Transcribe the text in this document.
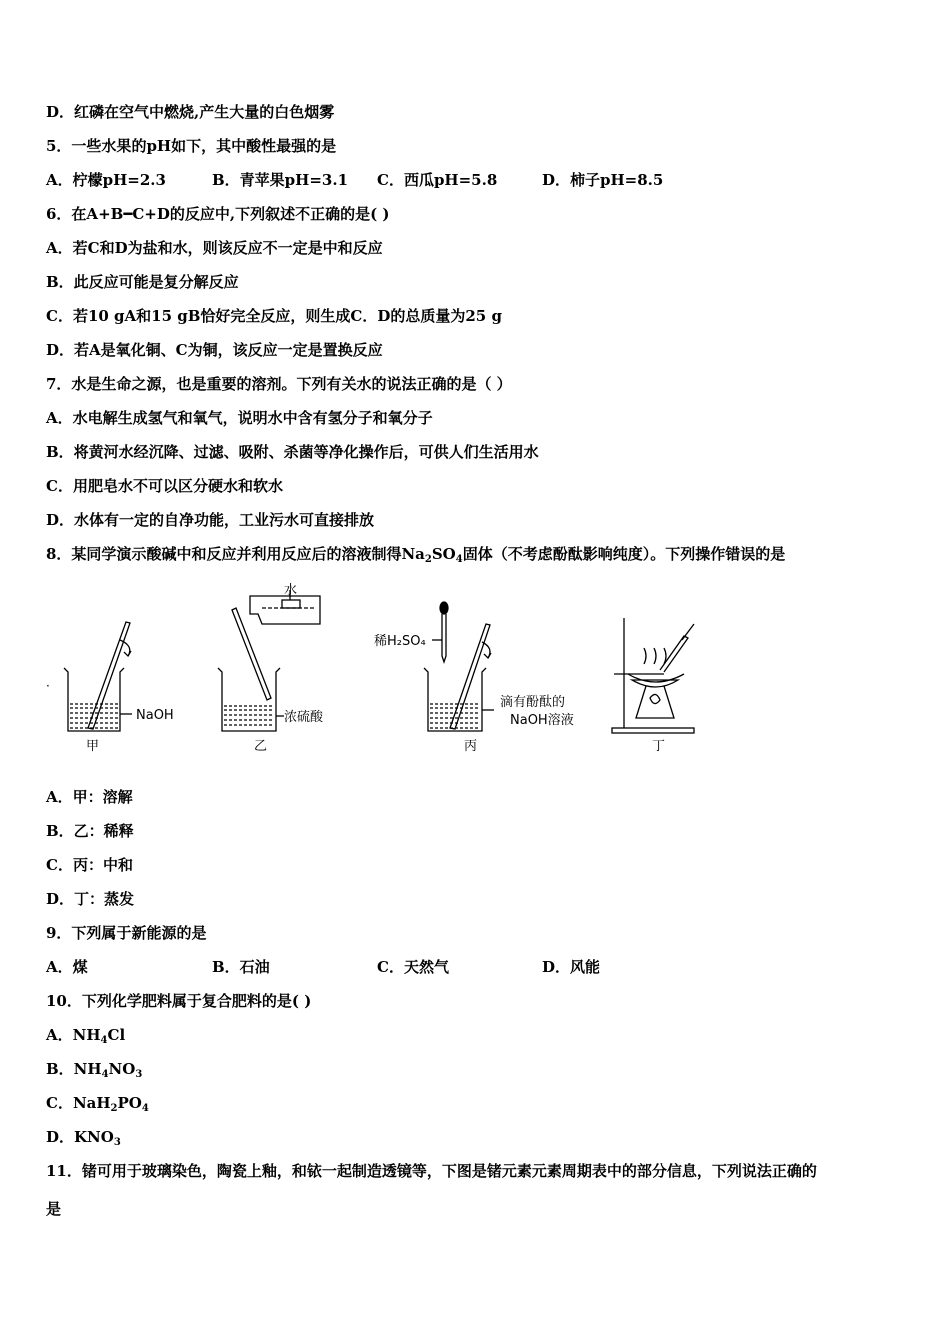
D．红磷在空气中燃烧,产生大量的白色烟雾
5．一些水果的pH如下，其中酸性最强的是
A．柠檬pH=2.3	B．青苹果pH=3.1 C．西瓜pH=5.8	D．柿子pH=8.5
6．在A+B━C+D的反应中,下列叙述不正确的是( )
A．若C和D为盐和水，则该反应不一定是中和反应
B．此反应可能是复分解反应
C．若10 gA和15 gB恰好完全反应，则生成C．D的总质量为25 g
D．若A是氧化铜、C为铜，该反应一定是置换反应
7．水是生命之源，也是重要的溶剂。下列有关水的说法正确的是（ ）
A．水电解生成氢气和氧气，说明水中含有氢分子和氧分子
B．将黄河水经沉降、过滤、吸附、杀菌等净化操作后，可供人们生活用水
C．用肥皂水不可以区分硬水和软水
D．水体有一定的自净功能，工业污水可直接排放
8．某同学演示酸碱中和反应并利用反应后的溶液制得$Na_2SO_4$固体（不考虑酚酞影响纯度）。下列操作错误的是
·
NaOH
甲
水
浓硫酸
乙
稀H₂SO₄
滴有酚酞的
NaOH溶液
丙	丁
A．甲：溶解
B．乙：稀释
C．丙：中和
D．丁：蒸发
9．下列属于新能源的是
A．煤	B．石油	C．天然气	D．风能
10．下列化学肥料属于复合肥料的是( )
A．$NH_4Cl$
B．$NH_4NO_3$
C．$NaH_2PO_4$
D．$KNO_3$
11．锗可用于玻璃染色，陶瓷上釉，和铱一起制造透镜等，下图是锗元素元素周期表中的部分信息，下列说法正确的
是
